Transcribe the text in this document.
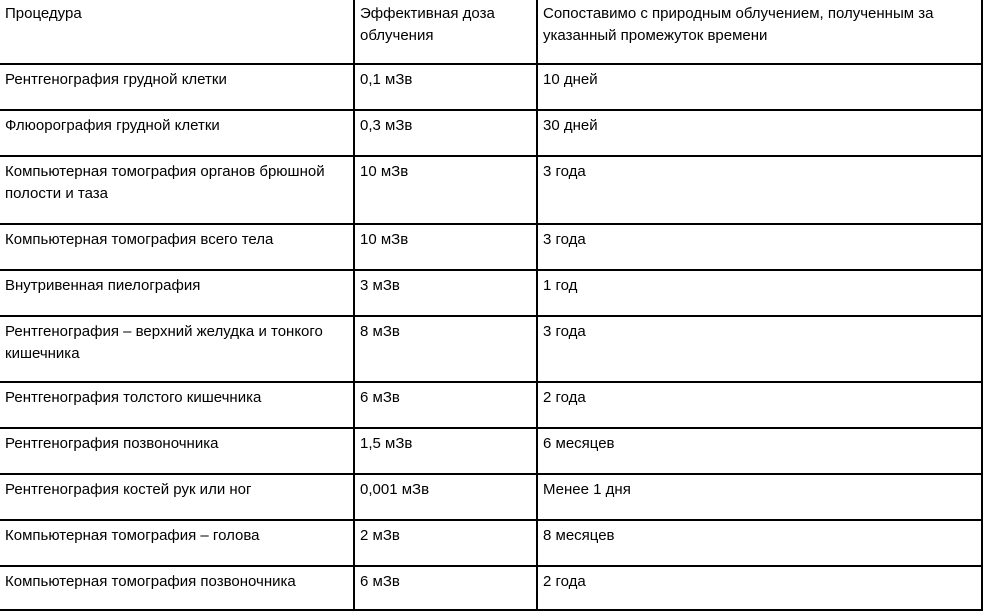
Процедура	Эффективная доза облучения	Сопоставимо с природным облучением, полученным за указанный промежуток времени
Рентгенография грудной клетки	0,1 мЗв	10 дней
Флюорография грудной клетки	0,3 мЗв	30 дней
Компьютерная томография органов брюшной полости и таза	10 мЗв	3 года
Компьютерная томография всего тела	10 мЗв	3 года
Внутривенная пиелография	3 мЗв	1 год
Рентгенография – верхний желудка и тонкого кишечника	8 мЗв	3 года
Рентгенография толстого кишечника	6 мЗв	2 года
Рентгенография позвоночника	1,5 мЗв	6 месяцев
Рентгенография костей рук или ног	0,001 мЗв	Менее 1 дня
Компьютерная томография – голова	2 мЗв	8 месяцев
Компьютерная томография позвоночника	6 мЗв	2 года
